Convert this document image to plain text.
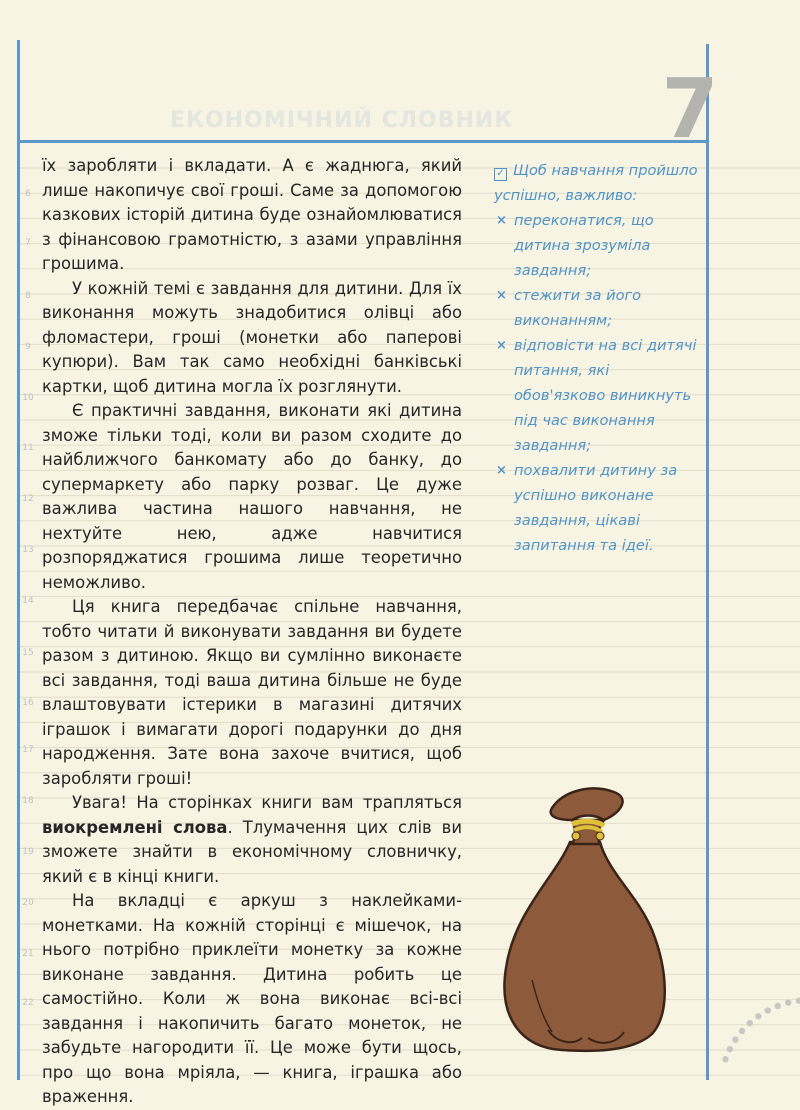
ЕКОНОМІЧНИЙ СЛОВНИК	7
6
7
8
9
10
11
12
13
14
15
16
17
18
19
20
21
22

їх заробляти і вкладати. А є жаднюга, який лише накопичує свої гроші. Саме за допомогою казкових історій дитина буде ознайомлюватися з фінансовою грамотністю, з азами управління грошима.

У кожній темі є завдання для дитини. Для їх виконання можуть знадобитися олівці або фломастери, гроші (монетки або паперові купюри). Вам так само необхідні банківські картки, щоб дитина могла їх розглянути.

Є практичні завдання, виконати які дитина зможе тільки тоді, коли ви разом сходите до найближчого банкомату або до банку, до супермаркету або парку розваг. Це дуже важлива частина нашого навчання, не нехтуйте нею, адже навчитися розпоряджатися грошима лише теоретично неможливо.

Ця книга передбачає спільне навчання, тобто читати й виконувати завдання ви будете разом з дитиною. Якщо ви сумлінно виконаєте всі завдання, тоді ваша дитина більше не буде влаштовувати істерики в магазині дитячих іграшок і вимагати дорогі подарунки до дня народження. Зате вона захоче вчитися, щоб заробляти гроші!

Увага! На сторінках книги вам трапляться виокремлені слова. Тлумачення цих слів ви зможете знайти в економічному словничку, який є в кінці книги.

На вкладці є аркуш з наклейками-монетками. На кожній сторінці є мішечок, на нього потрібно приклеїти монетку за кожне виконане завдання. Дитина робить це самостійно. Коли ж вона виконає всі-всі завдання і накопичить багато монеток, не забудьте нагородити її. Це може бути щось, про що вона мріяла, — книга, іграшка або враження.

✓ Щоб навчання пройшло успішно, важливо:
× переконатися, що дитина зрозуміла завдання;
× стежити за його виконанням;
× відповісти на всі дитячі питання, які обов'язково виникнуть під час виконання завдання;
× похвалити дитину за успішно виконане завдання, цікаві запитання та ідеї.
